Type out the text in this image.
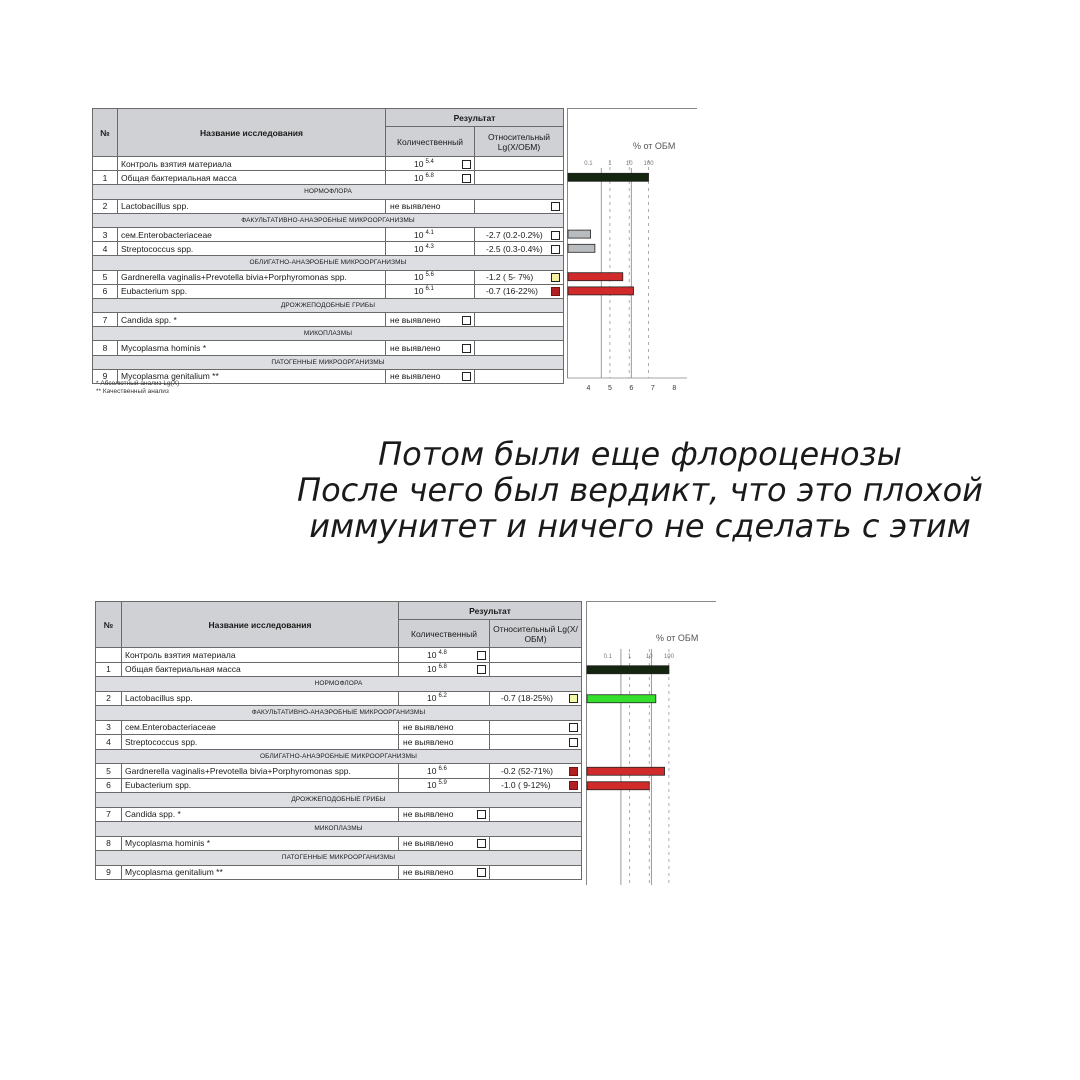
№	Название исследования	Результат	
		Количественный	Относительный Lg(X/ОБМ)
	Контроль взятия материала	10 $^{5.4}$

1	Общая бактериальная масса	10 $^{6.8}$

НОРМОФЛОРА			
2	Lactobacillus spp.	не выявлено	

ФАКУЛЬТАТИВНО-АНАЭРОБНЫЕ МИКРООРГАНИЗМЫ			
3	сем.Enterobacteriaceae	10 $^{4.1}$	-2.7 (0.2-0.2%)

4	Streptococcus spp.	10 $^{4.3}$	-2.5 (0.3-0.4%)

ОБЛИГАТНО-АНАЭРОБНЫЕ МИКРООРГАНИЗМЫ			
5	Gardnerella vaginalis+Prevotella bivia+Porphyromonas spp.	10 $^{5.6}$	-1.2 ( 5- 7%)

6	Eubacterium spp.	10 $^{6.1}$	-0.7 (16-22%)

ДРОЖЖЕПОДОБНЫЕ ГРИБЫ			
7	Candida spp. *	не выявлено

МИКОПЛАЗМЫ			
8	Mycoplasma hominis *	не выявлено

ПАТОГЕННЫЕ МИКРООРГАНИЗМЫ			
9	Mycoplasma genitalium **	не выявлено

* Абсолютный анализ Lg(X)
** Качественный анализ
% от ОБМ
0.1	1 10 100
4	5	6	7	8
Потом были еще флороценозы
После чего был вердикт, что это плохой
иммунитет и ничего не сделать с этим
№	Название исследования	Результат	
		Количественный	Относительный Lg(X/ОБМ)
	Контроль взятия материала	10 $^{4.8}$

1	Общая бактериальная масса	10 $^{6.8}$

НОРМОФЛОРА			
2	Lactobacillus spp.	10 $^{6.2}$	-0.7 (18-25%)

ФАКУЛЬТАТИВНО-АНАЭРОБНЫЕ МИКРООРГАНИЗМЫ			
3	сем.Enterobacteriaceae	не выявлено	

4	Streptococcus spp.	не выявлено	

ОБЛИГАТНО-АНАЭРОБНЫЕ МИКРООРГАНИЗМЫ			
5	Gardnerella vaginalis+Prevotella bivia+Porphyromonas spp.	10 $^{6.6}$	-0.2 (52-71%)

6	Eubacterium spp.	10 $^{5.9}$	-1.0 ( 9-12%)

ДРОЖЖЕПОДОБНЫЕ ГРИБЫ			
7	Candida spp. *	не выявлено

МИКОПЛАЗМЫ			
8	Mycoplasma hominis *	не выявлено

ПАТОГЕННЫЕ МИКРООРГАНИЗМЫ			
9	Mycoplasma genitalium **	не выявлено

% от ОБМ
0.1	1 10 100
